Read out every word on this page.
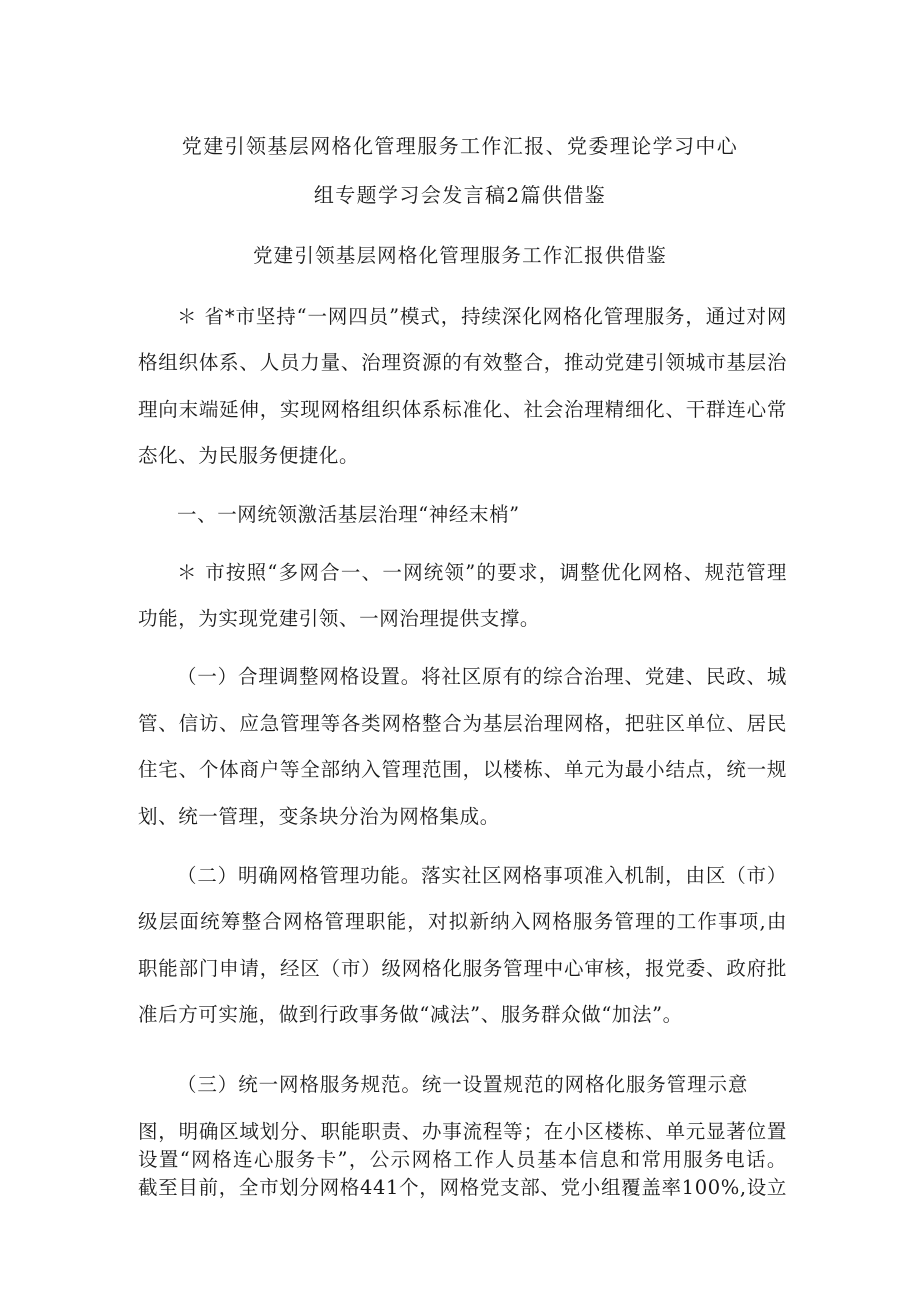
党建引领基层网格化管理服务工作汇报、党委理论学习中心
组专题学习会发言稿2篇供借鉴
党建引领基层网格化管理服务工作汇报供借鉴
＊ 省*市坚持“一网四员”模式，持续深化网格化管理服务，通过对网
格组织体系、人员力量、治理资源的有效整合，推动党建引领城市基层治
理向末端延伸，实现网格组织体系标准化、社会治理精细化、干群连心常
态化、为民服务便捷化。
一、一网统领激活基层治理“神经末梢”
＊ 市按照“多网合一、一网统领”的要求，调整优化网格、规范管理
功能，为实现党建引领、一网治理提供支撑。
（一）合理调整网格设置。将社区原有的综合治理、党建、民政、城
管、信访、应急管理等各类网格整合为基层治理网格，把驻区单位、居民
住宅、个体商户等全部纳入管理范围，以楼栋、单元为最小结点，统一规
划、统一管理，变条块分治为网格集成。
（二）明确网格管理功能。落实社区网格事项准入机制，由区（市）
级层面统筹整合网格管理职能，对拟新纳入网格服务管理的工作事项,由
职能部门申请，经区（市）级网格化服务管理中心审核，报党委、政府批
准后方可实施，做到行政事务做“减法”、服务群众做“加法”。
（三）统一网格服务规范。统一设置规范的网格化服务管理示意
图，明确区域划分、职能职责、办事流程等；在小区楼栋、单元显著位置
设置“网格连心服务卡”，公示网格工作人员基本信息和常用服务电话。
截至目前，全市划分网格441个，网格党支部、党小组覆盖率100%,设立
